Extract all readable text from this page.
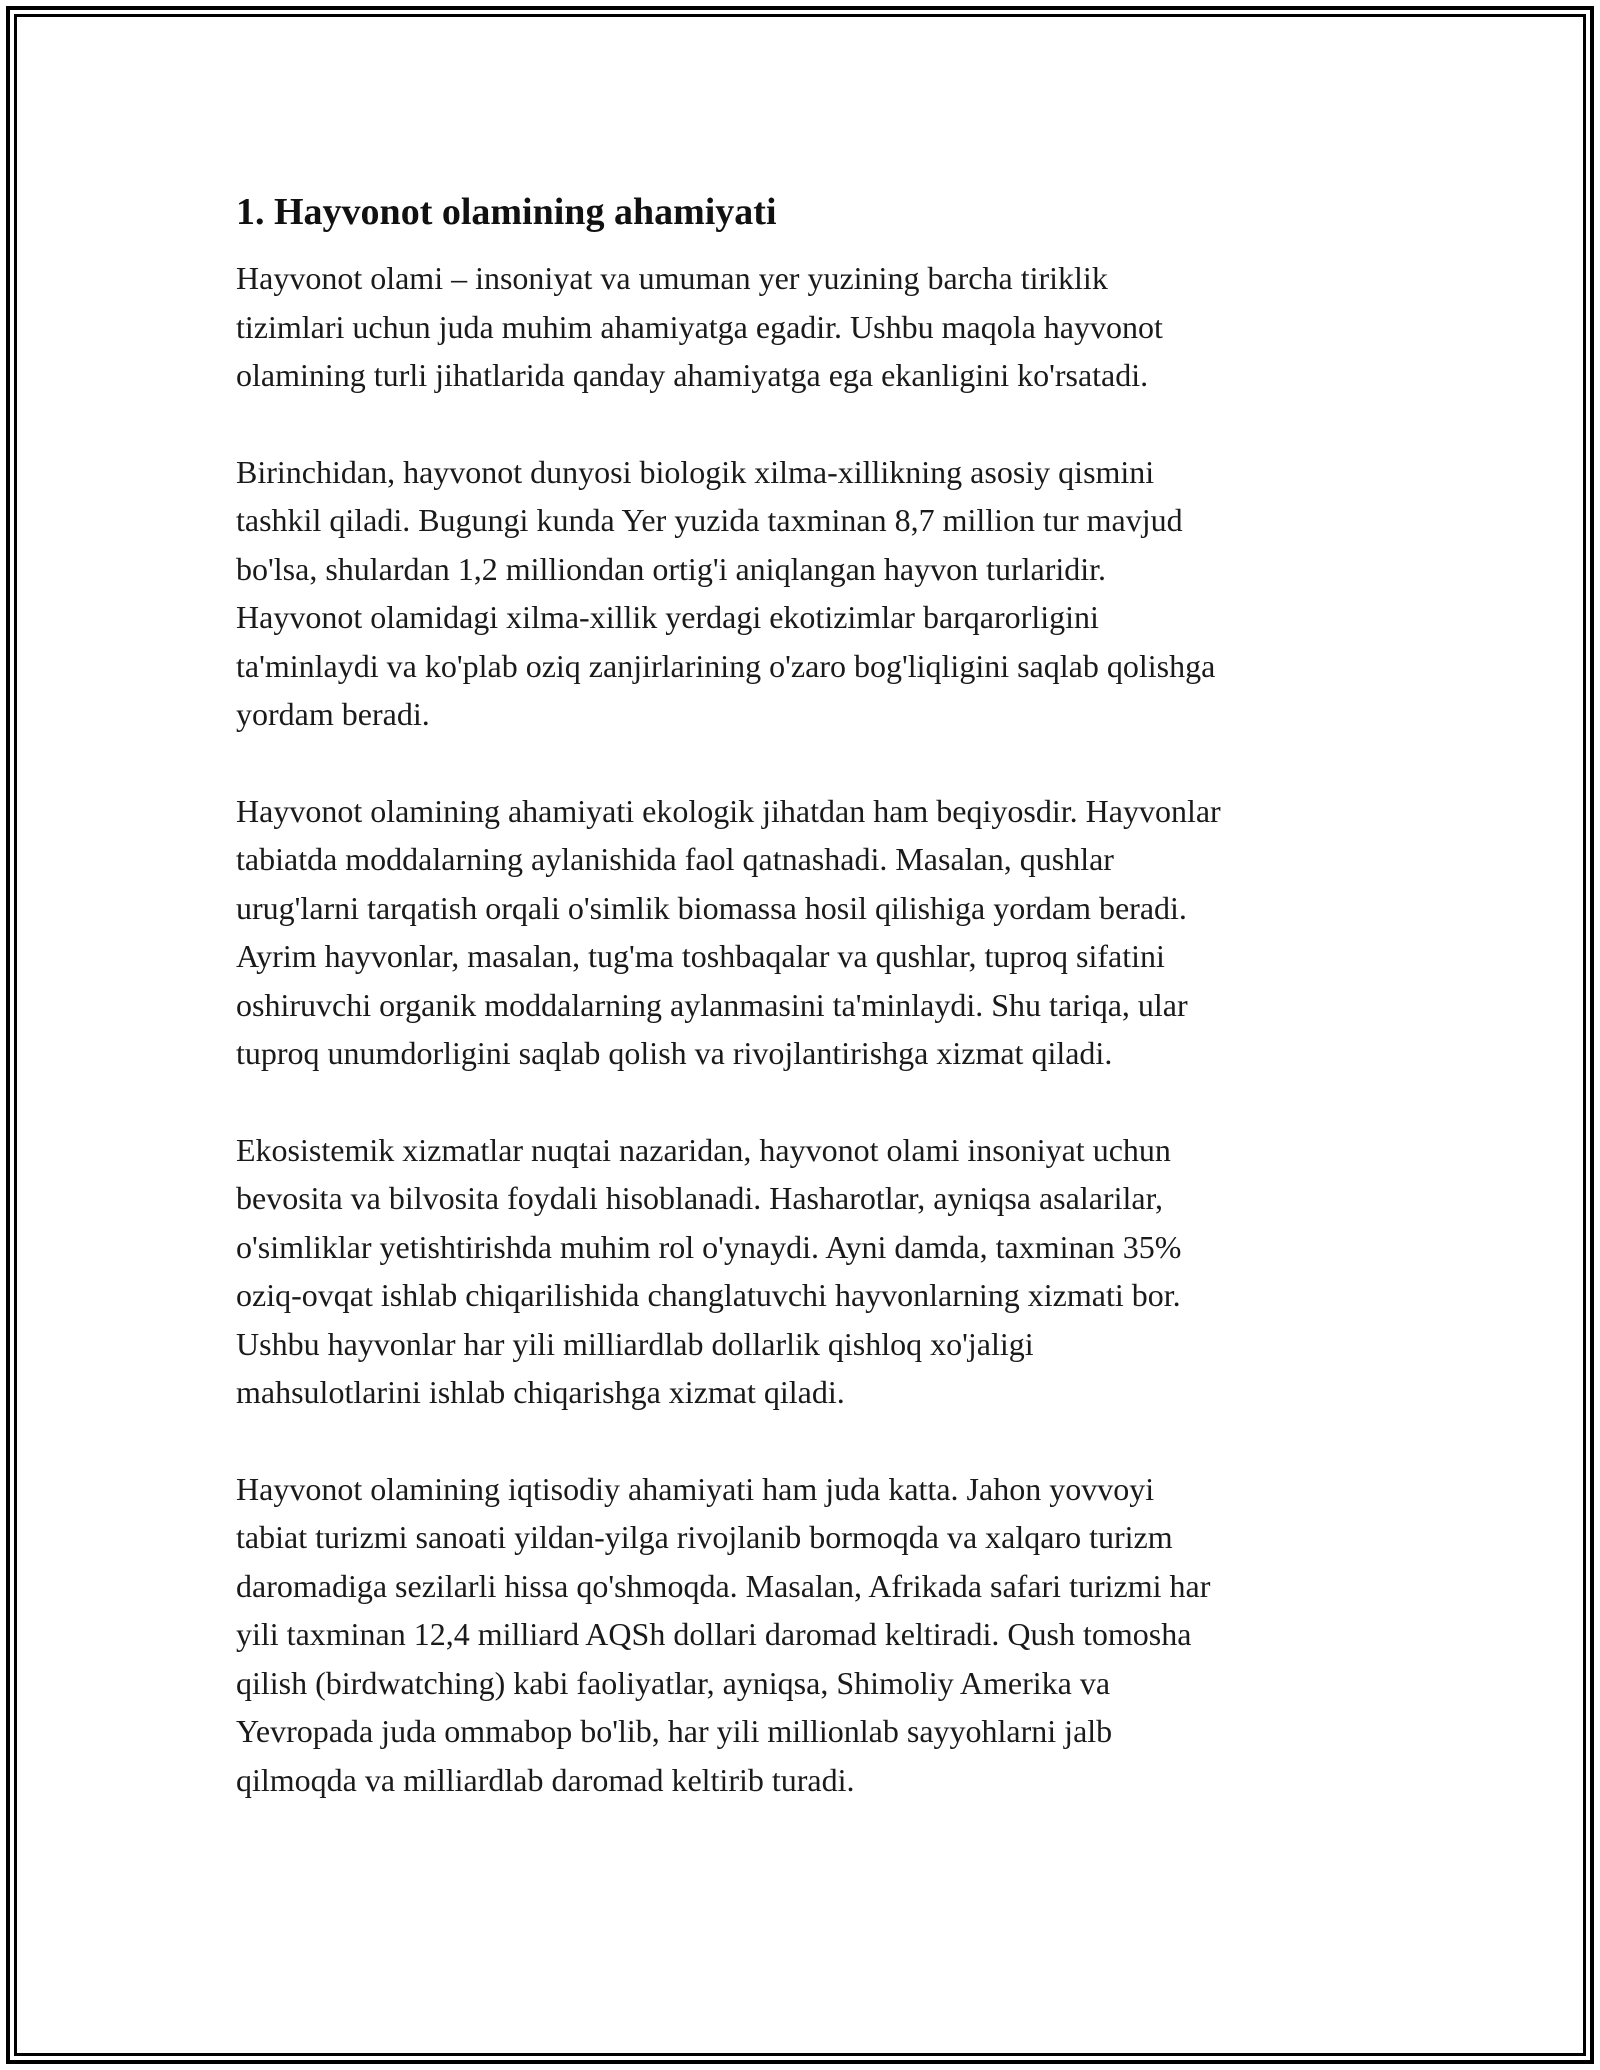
1. Hayvonot olamining ahamiyati

Hayvonot olami – insoniyat va umuman yer yuzining barcha tiriklik
tizimlari uchun juda muhim ahamiyatga egadir. Ushbu maqola hayvonot
olamining turli jihatlarida qanday ahamiyatga ega ekanligini ko'rsatadi.

Birinchidan, hayvonot dunyosi biologik xilma-xillikning asosiy qismini
tashkil qiladi. Bugungi kunda Yer yuzida taxminan 8,7 million tur mavjud
bo'lsa, shulardan 1,2 milliondan ortig'i aniqlangan hayvon turlaridir.
Hayvonot olamidagi xilma-xillik yerdagi ekotizimlar barqarorligini
ta'minlaydi va ko'plab oziq zanjirlarining o'zaro bog'liqligini saqlab qolishga
yordam beradi.

Hayvonot olamining ahamiyati ekologik jihatdan ham beqiyosdir. Hayvonlar
tabiatda moddalarning aylanishida faol qatnashadi. Masalan, qushlar
urug'larni tarqatish orqali o'simlik biomassa hosil qilishiga yordam beradi.
Ayrim hayvonlar, masalan, tug'ma toshbaqalar va qushlar, tuproq sifatini
oshiruvchi organik moddalarning aylanmasini ta'minlaydi. Shu tariqa, ular
tuproq unumdorligini saqlab qolish va rivojlantirishga xizmat qiladi.

Ekosistemik xizmatlar nuqtai nazaridan, hayvonot olami insoniyat uchun
bevosita va bilvosita foydali hisoblanadi. Hasharotlar, ayniqsa asalarilar,
o'simliklar yetishtirishda muhim rol o'ynaydi. Ayni damda, taxminan 35%
oziq-ovqat ishlab chiqarilishida changlatuvchi hayvonlarning xizmati bor.
Ushbu hayvonlar har yili milliardlab dollarlik qishloq xo'jaligi
mahsulotlarini ishlab chiqarishga xizmat qiladi.

Hayvonot olamining iqtisodiy ahamiyati ham juda katta. Jahon yovvoyi
tabiat turizmi sanoati yildan-yilga rivojlanib bormoqda va xalqaro turizm
daromadiga sezilarli hissa qo'shmoqda. Masalan, Afrikada safari turizmi har
yili taxminan 12,4 milliard AQSh dollari daromad keltiradi. Qush tomosha
qilish (birdwatching) kabi faoliyatlar, ayniqsa, Shimoliy Amerika va
Yevropada juda ommabop bo'lib, har yili millionlab sayyohlarni jalb
qilmoqda va milliardlab daromad keltirib turadi.
